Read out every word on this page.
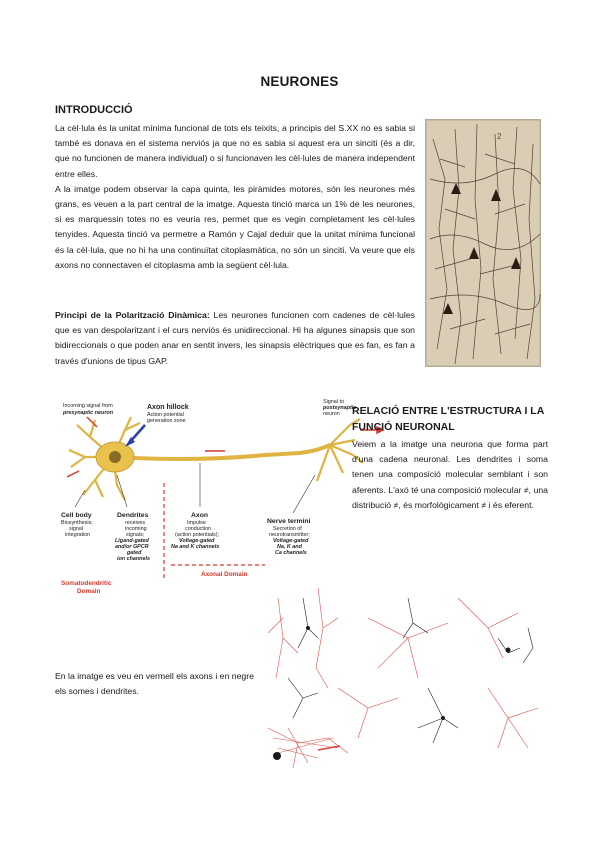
NEURONES
INTRODUCCIÓ

La cèl·lula és la unitat mínima funcional de tots els teixits, a principis del S.XX no es sabia si també es donava en el sistema nerviós ja que no es sabia si aquest era un sinciti (és a dir, que no funcionen de manera individual) o si funcionaven les cèl·lules de manera independent entre elles.

A la imatge podem observar la capa quinta, les piràmides motores, són les neurones més grans, es veuen a la part central de la imatge. Aquesta tinció marca un 1% de les neurones, si es marquessin totes no es veuria res, permet que es vegin completament les cèl·lules tenyides. Aquesta tinció va permetre a Ramón y Cajal deduir que la unitat mínima funcional és la cèl·lula, que no hi ha una continuïtat citoplasmàtica, no són un sinciti. Va veure que els axons no connectaven el citoplasma amb la següent cèl·lula.

Principi de la Polarització Dinàmica: Les neurones funcionen com cadenes de cèl·lules que es van despolaritzant i el curs nerviós és unidireccional. Hi ha algunes sinapsis que son bidireccionals o que poden anar en sentit invers, les sinapsis elèctriques que es fan, es fan a través d'unions de tipus GAP.
2
Incoming signal from
presynaptic neuron
Axon hillock
Action potential
generation zone
Signal to
postsynaptic
neuron
Cell body
Biosynthesis;
signal
integration
Dendrites
receives
incoming
signals;
Ligand-gated
and/or GPCR
gated
ion channels
Axon
Impulse
conduction
(action potentials);
Voltage-gated
Na and K channels
Nerve termini
Secretion of
neurotransmitter;
Voltage-gated
Na, K and
Ca channels
Somatodendritic
Domain
Axonal Domain
RELACIÓ ENTRE L'ESTRUCTURA I LA FUNCIÓ NEURONAL
Veiem a la imatge una neurona que forma part d'una cadena neuronal. Les dendrites i soma tenen una composició molecular semblant i son aferents. L'axó té una composició molecular ≠, una distribució ≠, és morfològicament ≠ i és eferent.
En la imatge es veu en vermell els axons i en negre els somes i dendrites.
